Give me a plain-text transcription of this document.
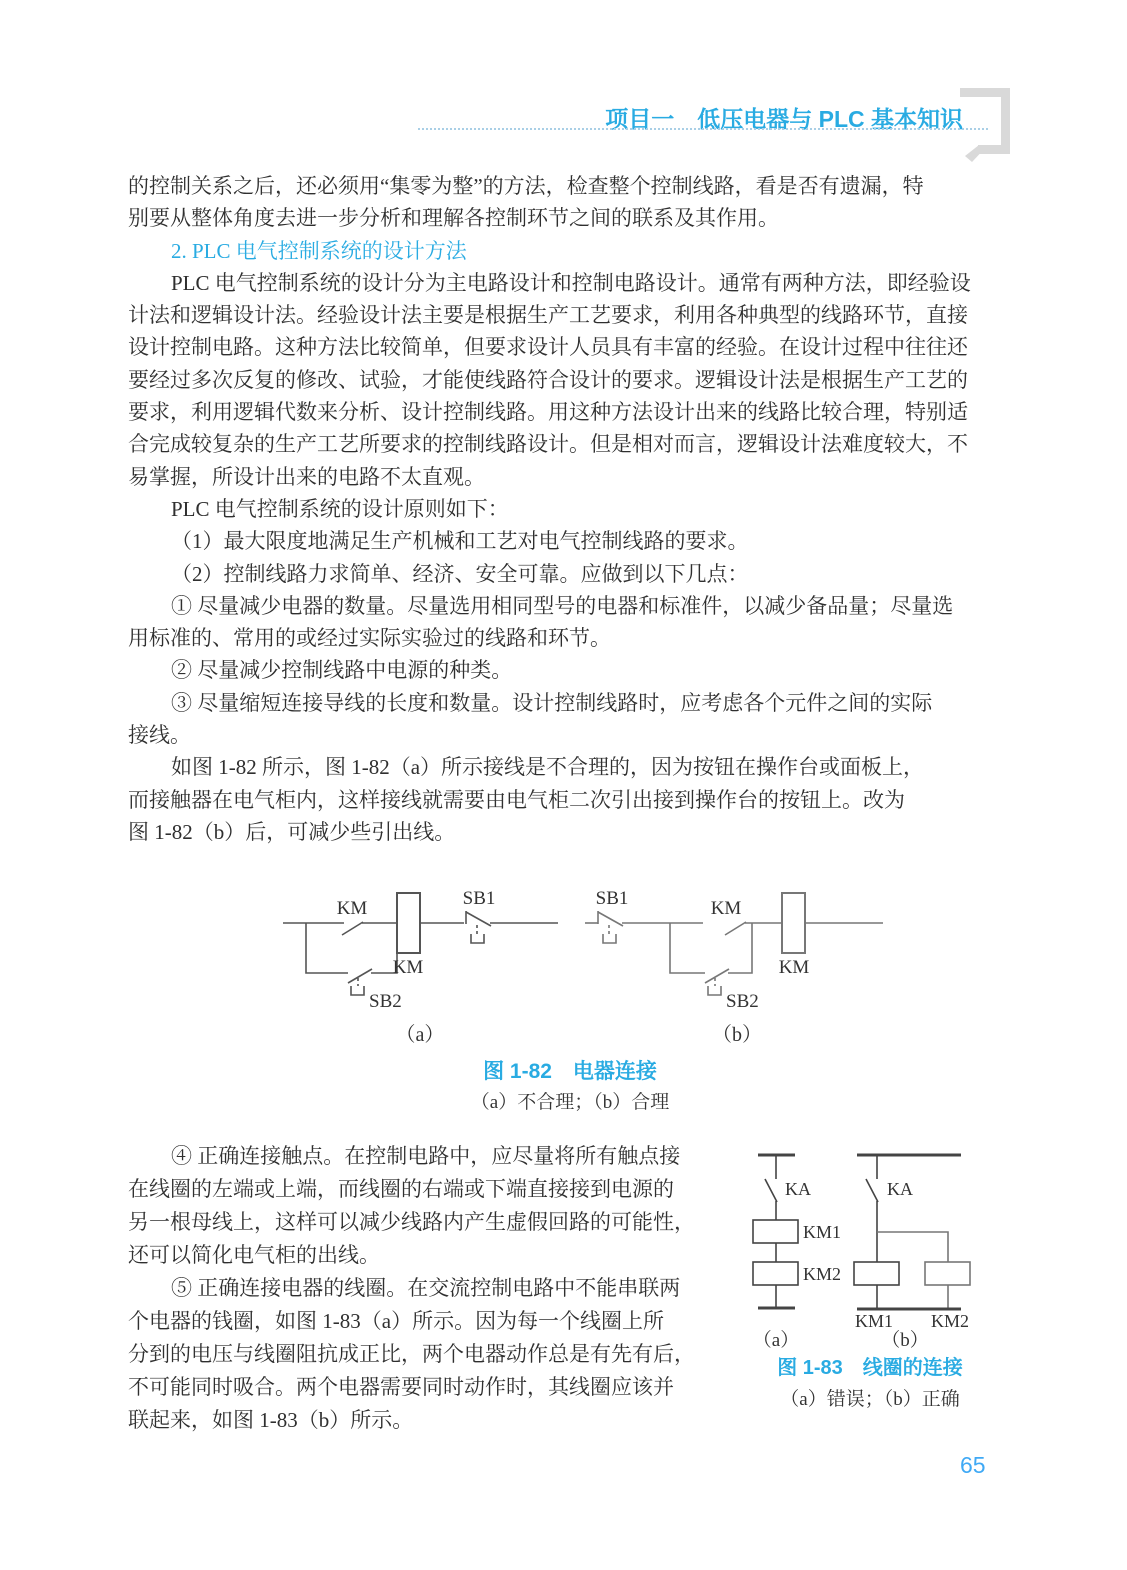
项目一　低压电器与 PLC 基本知识
的控制关系之后，还必须用“集零为整”的方法，检查整个控制线路，看是否有遗漏，特
别要从整体角度去进一步分析和理解各控制环节之间的联系及其作用。
2. PLC 电气控制系统的设计方法
PLC 电气控制系统的设计分为主电路设计和控制电路设计。通常有两种方法，即经验设
计法和逻辑设计法。经验设计法主要是根据生产工艺要求，利用各种典型的线路环节，直接
设计控制电路。这种方法比较简单，但要求设计人员具有丰富的经验。在设计过程中往往还
要经过多次反复的修改、试验，才能使线路符合设计的要求。逻辑设计法是根据生产工艺的
要求，利用逻辑代数来分析、设计控制线路。用这种方法设计出来的线路比较合理，特别适
合完成较复杂的生产工艺所要求的控制线路设计。但是相对而言，逻辑设计法难度较大，不
易掌握，所设计出来的电路不太直观。
PLC 电气控制系统的设计原则如下：
（1）最大限度地满足生产机械和工艺对电气控制线路的要求。
（2）控制线路力求简单、经济、安全可靠。应做到以下几点：
① 尽量减少电器的数量。尽量选用相同型号的电器和标准件，以减少备品量；尽量选
用标准的、常用的或经过实际实验过的线路和环节。
② 尽量减少控制线路中电源的种类。
③ 尽量缩短连接导线的长度和数量。设计控制线路时，应考虑各个元件之间的实际
接线。
如图 1-82 所示，图 1-82（a）所示接线是不合理的，因为按钮在操作台或面板上，
而接触器在电气柜内，这样接线就需要由电气柜二次引出接到操作台的按钮上。改为
图 1-82（b）后，可减少些引出线。
KM
KM
SB1
SB2
SB1	KM
KM
SB2
（a）	（b）
图 1-82　电器连接
（a）不合理；（b）合理
④ 正确连接触点。在控制电路中，应尽量将所有触点接
在线圈的左端或上端，而线圈的右端或下端直接接到电源的
另一根母线上，这样可以减少线路内产生虚假回路的可能性，
还可以简化电气柜的出线。
⑤ 正确连接电器的线圈。在交流控制电路中不能串联两
个电器的钱圈，如图 1-83（a）所示。因为每一个线圈上所
分到的电压与线圈阻抗成正比，两个电器动作总是有先有后，
不可能同时吸合。两个电器需要同时动作时，其线圈应该并
联起来，如图 1-83（b）所示。
KA
KM1
KM2
KA
KM1 KM2
（a）	（b）
图 1-83　线圈的连接
（a）错误；（b）正确
65
